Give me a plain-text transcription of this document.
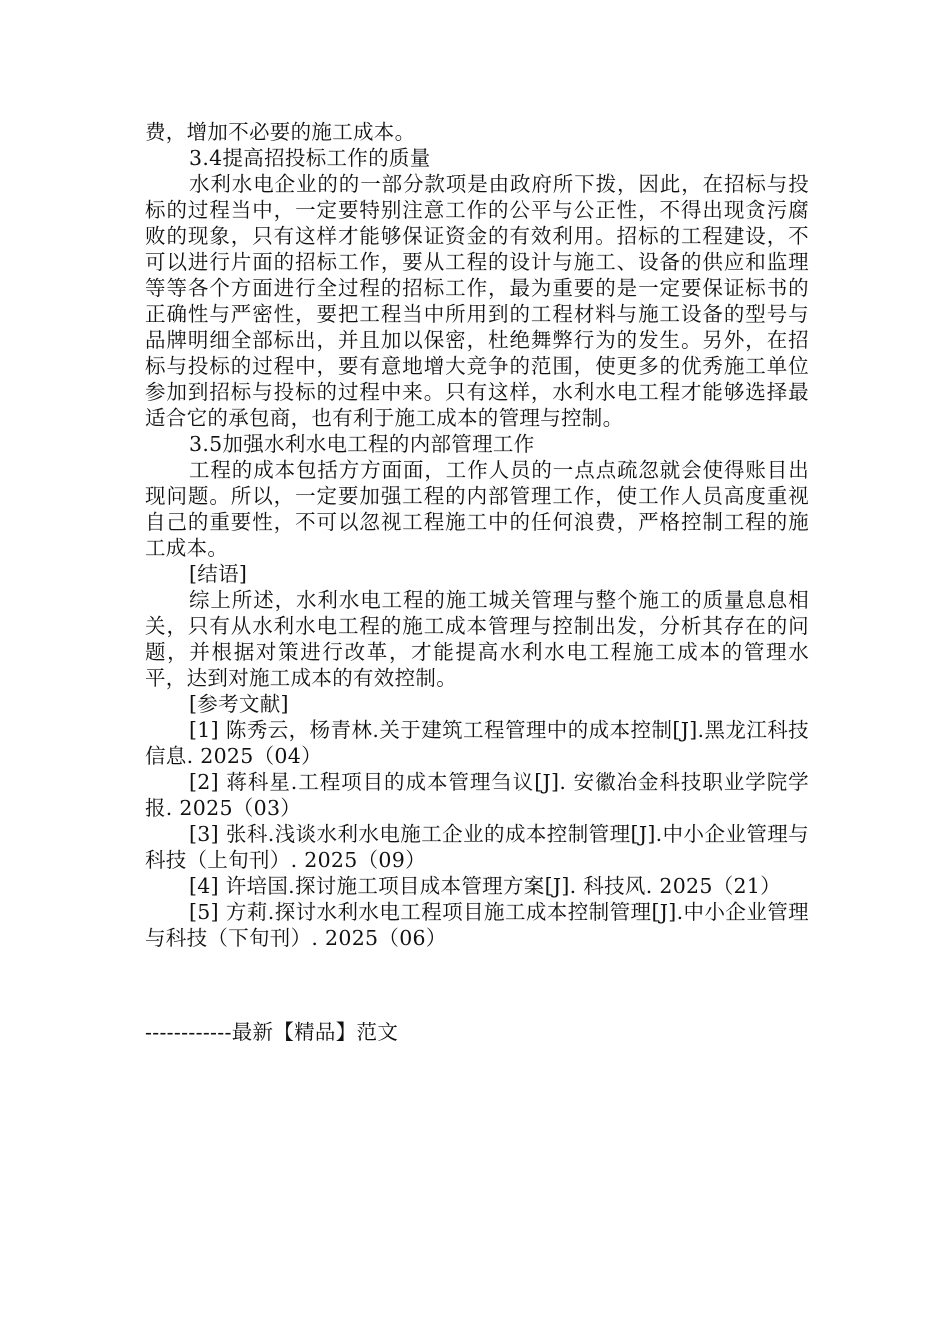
费，增加不必要的施工成本。

3.4提高招投标工作的质量

水利水电企业的的一部分款项是由政府所下拨，因此，在招标与投标的过程当中，一定要特别注意工作的公平与公正性，不得出现贪污腐败的现象，只有这样才能够保证资金的有效利用。招标的工程建设，不可以进行片面的招标工作，要从工程的设计与施工、设备的供应和监理等等各个方面进行全过程的招标工作，最为重要的是一定要保证标书的正确性与严密性，要把工程当中所用到的工程材料与施工设备的型号与品牌明细全部标出，并且加以保密，杜绝舞弊行为的发生。另外，在招标与投标的过程中，要有意地增大竞争的范围，使更多的优秀施工单位参加到招标与投标的过程中来。只有这样，水利水电工程才能够选择最适合它的承包商，也有利于施工成本的管理与控制。

3.5加强水利水电工程的内部管理工作

工程的成本包括方方面面，工作人员的一点点疏忽就会使得账目出现问题。所以，一定要加强工程的内部管理工作，使工作人员高度重视自己的重要性，不可以忽视工程施工中的任何浪费，严格控制工程的施工成本。

[结语]

综上所述，水利水电工程的施工城关管理与整个施工的质量息息相关，只有从水利水电工程的施工成本管理与控制出发，分析其存在的问题，并根据对策进行改革，才能提高水利水电工程施工成本的管理水平，达到对施工成本的有效控制。

[参考文献]

[1] 陈秀云，杨青林.关于建筑工程管理中的成本控制[J].黑龙江科技信息. 2025（04）

[2] 蒋科星.工程项目的成本管理刍议[J]. 安徽冶金科技职业学院学报. 2025（03）

[3] 张科.浅谈水利水电施工企业的成本控制管理[J].中小企业管理与科技（上旬刊）. 2025（09）

[4] 许培国.探讨施工项目成本管理方案[J]. 科技风. 2025（21）

[5] 方莉.探讨水利水电工程项目施工成本控制管理[J].中小企业管理与科技（下旬刊）. 2025（06）

------------最新【精品】范文
